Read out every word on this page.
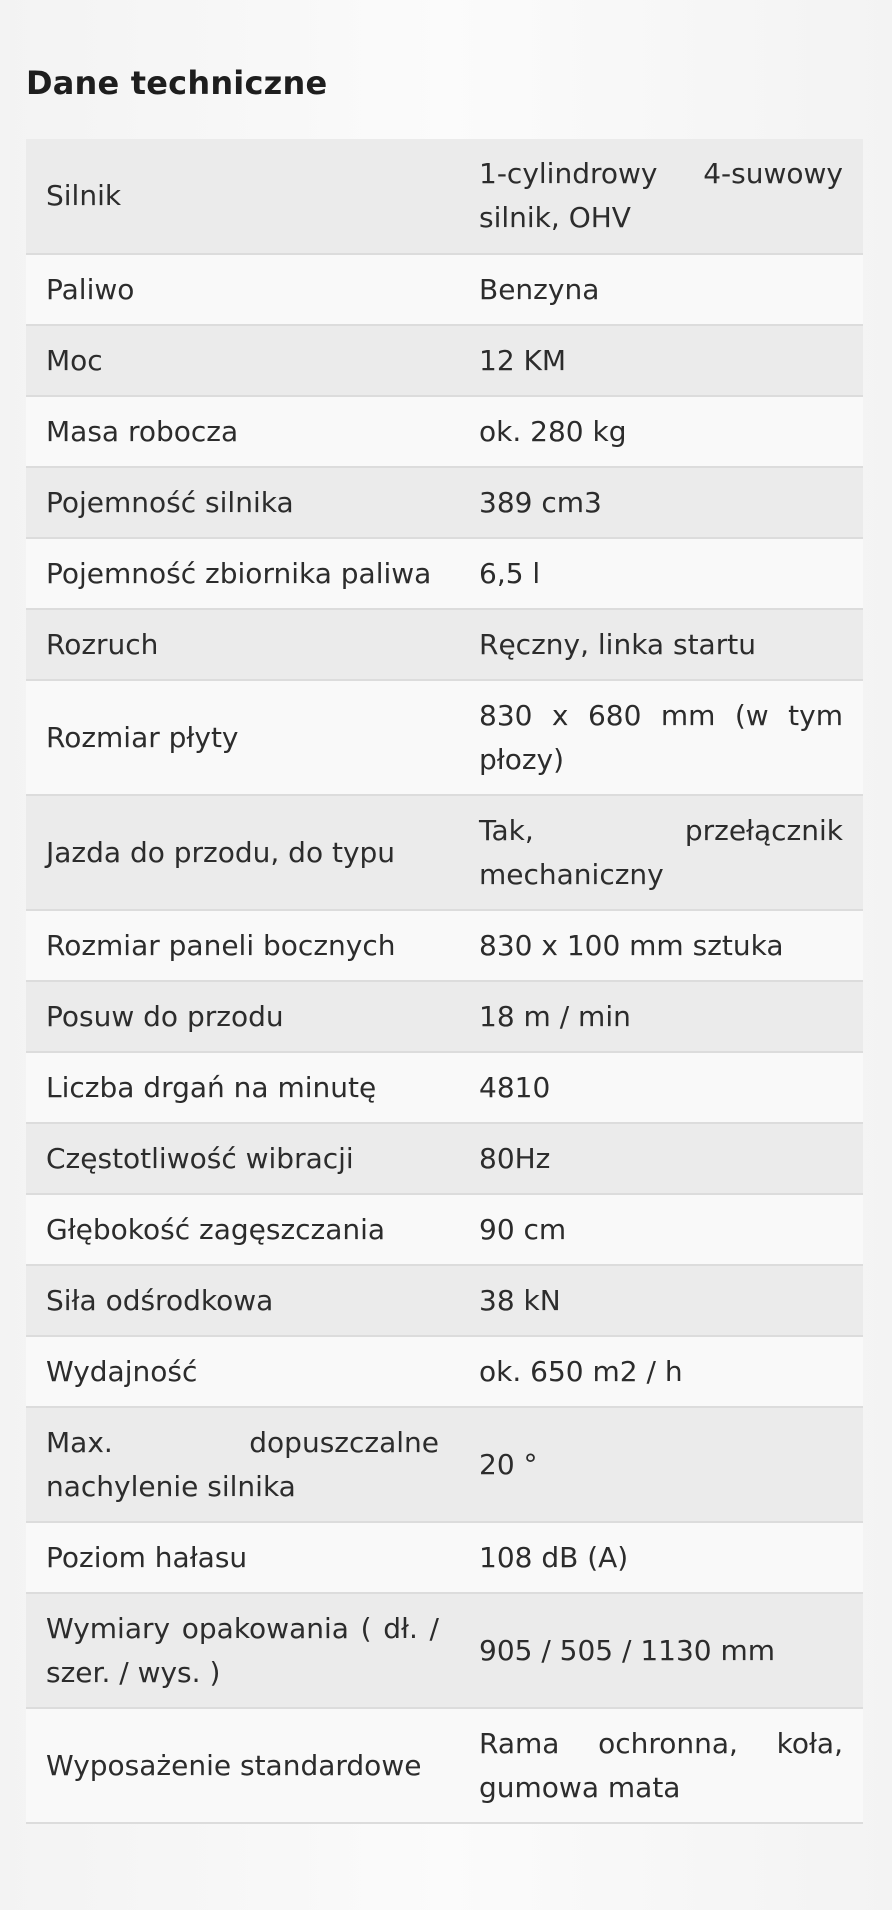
Dane techniczne
Silnik	1-cylindrowy 4-suwowy silnik, OHV
Paliwo	Benzyna
Moc	12 KM
Masa robocza	ok. 280 kg
Pojemność silnika	389 cm3
Pojemność zbiornika paliwa	6,5 l
Rozruch	Ręczny, linka startu
Rozmiar płyty	830 x 680 mm (w tym płozy)
Jazda do przodu, do typu	Tak, przełącznik mechaniczny
Rozmiar paneli bocznych	830 x 100 mm sztuka
Posuw do przodu	18 m / min
Liczba drgań na minutę	4810
Częstotliwość wibracji	80Hz
Głębokość zagęszczania	90 cm
Siła odśrodkowa	38 kN
Wydajność	ok. 650 m2 / h
Max. dopuszczalne nachylenie silnika	20 °
Poziom hałasu	108 dB (A)
Wymiary opakowania ( dł. / szer. / wys. )	905 / 505 / 1130 mm
Wyposażenie standardowe	Rama ochronna, koła, gumowa mata
